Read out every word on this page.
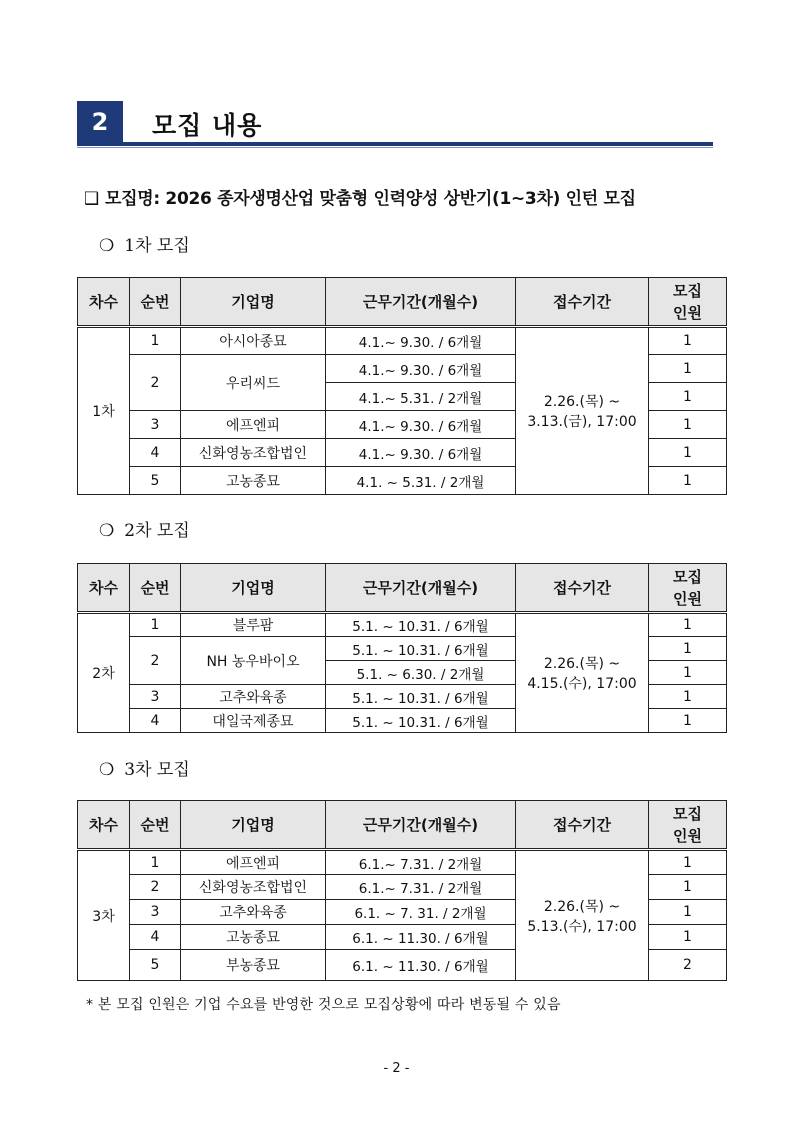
2	모집 내용
❑ 모집명: 2026 종자생명산업 맞춤형 인력양성 상반기(1~3차) 인턴 모집
❍ 1차 모집
차수	순번	기업명	근무기간(개월수)	접수기간	모집
인원
1차	1	아시아종묘	4.1.~ 9.30. / 6개월	2.26.(목) ~
3.13.(금), 17:00	1
	2	우리씨드	4.1.~ 9.30. / 6개월		1
			4.1.~ 5.31. / 2개월		1
	3	에프엔피	4.1.~ 9.30. / 6개월		1
	4	신화영농조합법인	4.1.~ 9.30. / 6개월		1
	5	고농종묘	4.1. ~ 5.31. / 2개월		1
❍ 2차 모집
차수	순번	기업명	근무기간(개월수)	접수기간	모집
인원
2차	1	블루팜	5.1. ~ 10.31. / 6개월	2.26.(목) ~
4.15.(수), 17:00	1
	2	NH 농우바이오	5.1. ~ 10.31. / 6개월		1
			5.1. ~ 6.30. / 2개월		1
	3	고추와육종	5.1. ~ 10.31. / 6개월		1
	4	대일국제종묘	5.1. ~ 10.31. / 6개월		1
❍ 3차 모집
차수	순번	기업명	근무기간(개월수)	접수기간	모집
인원
3차	1	에프엔피	6.1.~ 7.31. / 2개월	2.26.(목) ~
5.13.(수), 17:00	1
	2	신화영농조합법인	6.1.~ 7.31. / 2개월		1
	3	고추와육종	6.1. ~ 7. 31. / 2개월		1
	4	고농종묘	6.1. ~ 11.30. / 6개월		1
	5	부농종묘	6.1. ~ 11.30. / 6개월		2
* 본 모집 인원은 기업 수요를 반영한 것으로 모집상황에 따라 변동될 수 있음
- 2 -
